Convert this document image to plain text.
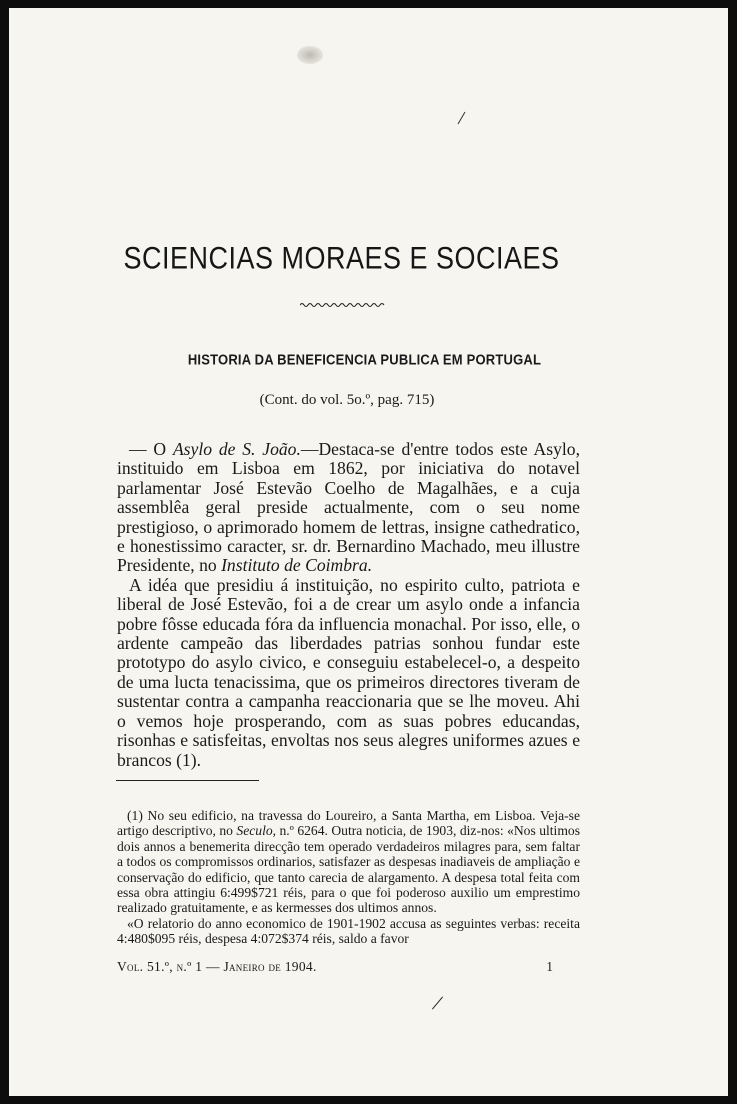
SCIENCIAS MORAES E SOCIAES
HISTORIA DA BENEFICENCIA PUBLICA EM PORTUGAL
(Cont. do vol. 5o.º, pag. 715)

— O Asylo de S. João.—Destaca-se d'entre todos este Asylo, instituido em Lisboa em 1862, por iniciativa do notavel parlamentar José Estevão Coelho de Magalhães, e a cuja assemblêa geral preside actualmente, com o seu nome prestigioso, o aprimorado homem de lettras, insigne cathedratico, e honestissimo caracter, sr. dr. Bernardino Machado, meu illustre Presidente, no Instituto de Coimbra.

A idéa que presidiu á instituição, no espirito culto, patriota e liberal de José Estevão, foi a de crear um asylo onde a infancia pobre fôsse educada fóra da influencia monachal. Por isso, elle, o ardente campeão das liberdades patrias sonhou fundar este prototypo do asylo civico, e conseguiu estabelecel-o, a despeito de uma lucta tenacissima, que os primeiros directores tiveram de sustentar contra a campanha reaccionaria que se lhe moveu. Ahi o vemos hoje prosperando, com as suas pobres educandas, risonhas e satisfeitas, envoltas nos seus alegres uniformes azues e brancos (1).

(1) No seu edificio, na travessa do Loureiro, a Santa Martha, em Lisboa. Veja-se artigo descriptivo, no Seculo, n.º 6264. Outra noticia, de 1903, diz-nos: «Nos ultimos dois annos a benemerita direcção tem operado verdadeiros milagres para, sem faltar a todos os compromissos ordinarios, satisfazer as despesas inadiaveis de ampliação e conservação do edificio, que tanto carecia de alargamento. A despesa total feita com essa obra attingiu 6:499$721 réis, para o que foi poderoso auxilio um emprestimo realizado gratuitamente, e as kermesses dos ultimos annos.

«O relatorio do anno economico de 1901-1902 accusa as seguintes verbas: receita 4:480$095 réis, despesa 4:072$374 réis, saldo a favor

Vol. 51.º, n.º 1 — Janeiro de 1904.	1
